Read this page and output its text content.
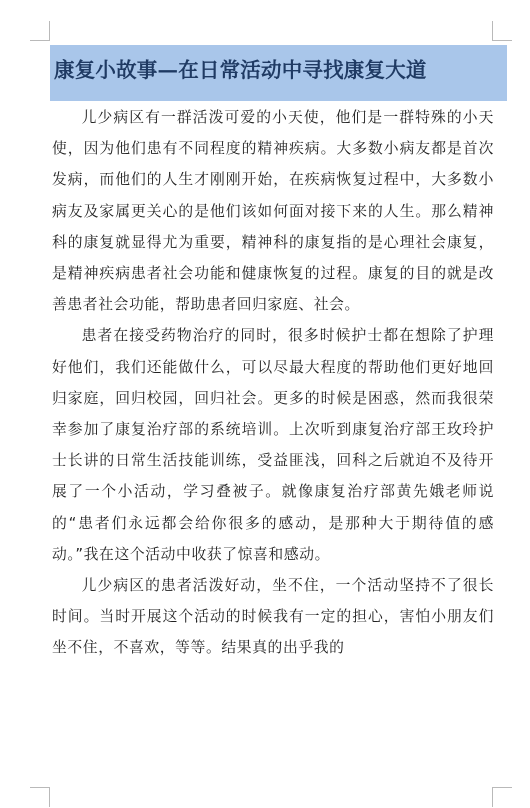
康复小故事—在日常活动中寻找康复大道

儿少病区有一群活泼可爱的小天使，他们是一群特殊的小天使，因为他们患有不同程度的精神疾病。大多数小病友都是首次发病，而他们的人生才刚刚开始，在疾病恢复过程中，大多数小病友及家属更关心的是他们该如何面对接下来的人生。那么精神科的康复就显得尤为重要，精神科的康复指的是心理社会康复，是精神疾病患者社会功能和健康恢复的过程。康复的目的就是改善患者社会功能，帮助患者回归家庭、社会。

患者在接受药物治疗的同时，很多时候护士都在想除了护理好他们，我们还能做什么，可以尽最大程度的帮助他们更好地回归家庭，回归校园，回归社会。更多的时候是困惑，然而我很荣幸参加了康复治疗部的系统培训。上次听到康复治疗部王玫玲护士长讲的日常生活技能训练，受益匪浅，回科之后就迫不及待开展了一个小活动，学习叠被子。就像康复治疗部黄先娥老师说的“患者们永远都会给你很多的感动，是那种大于期待值的感动。”我在这个活动中收获了惊喜和感动。

儿少病区的患者活泼好动，坐不住，一个活动坚持不了很长时间。当时开展这个活动的时候我有一定的担心，害怕小朋友们坐不住，不喜欢，等等。结果真的出乎我的
